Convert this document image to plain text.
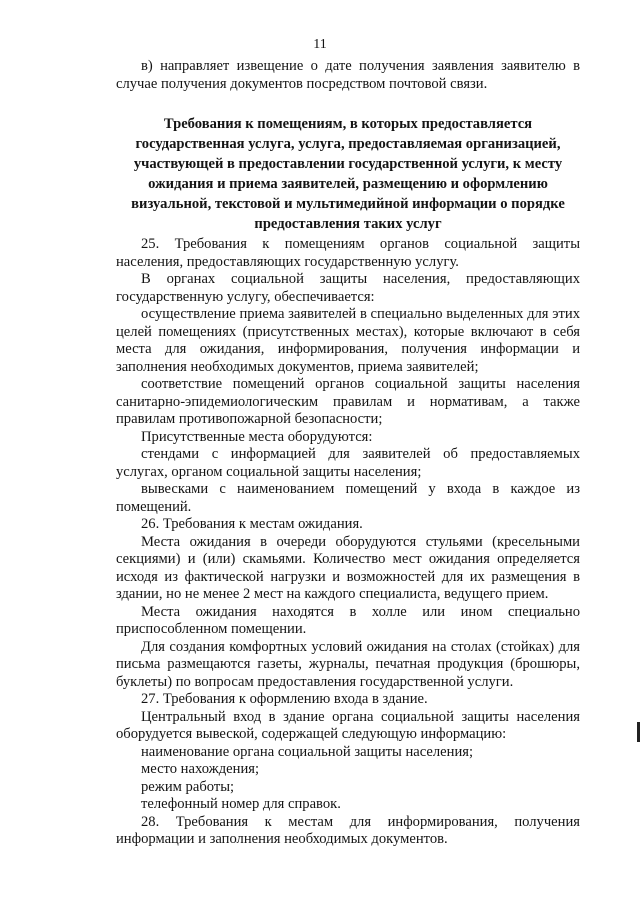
11

в) направляет извещение о дате получения заявления заявителю в случае получения документов посредством почтовой связи.

Требования к помещениям, в которых предоставляется государственная услуга, услуга, предоставляемая организацией, участвующей в предоставлении государственной услуги, к месту ожидания и приема заявителей, размещению и оформлению визуальной, текстовой и мультимедийной информации о порядке предоставления таких услуг

25. Требования к помещениям органов социальной защиты населения, предоставляющих государственную услугу.

В органах социальной защиты населения, предоставляющих государственную услугу, обеспечивается:

осуществление приема заявителей в специально выделенных для этих целей помещениях (присутственных местах), которые включают в себя места для ожидания, информирования, получения информации и заполнения необходимых документов, приема заявителей;

соответствие помещений органов социальной защиты населения санитарно-эпидемиологическим правилам и нормативам, а также правилам противопожарной безопасности;

Присутственные места оборудуются:

стендами с информацией для заявителей об предоставляемых услугах, органом социальной защиты населения;

вывесками с наименованием помещений у входа в каждое из помещений.

26. Требования к местам ожидания.

Места ожидания в очереди оборудуются стульями (кресельными секциями) и (или) скамьями. Количество мест ожидания определяется исходя из фактической нагрузки и возможностей для их размещения в здании, но не менее 2 мест на каждого специалиста, ведущего прием.

Места ожидания находятся в холле или ином специально приспособленном помещении.

Для создания комфортных условий ожидания на столах (стойках) для письма размещаются газеты, журналы, печатная продукция (брошюры, буклеты) по вопросам предоставления государственной услуги.

27. Требования к оформлению входа в здание.

Центральный вход в здание органа социальной защиты населения оборудуется вывеской, содержащей следующую информацию:

наименование органа социальной защиты населения;

место нахождения;

режим работы;

телефонный номер для справок.

28. Требования к местам для информирования, получения информации и заполнения необходимых документов.
